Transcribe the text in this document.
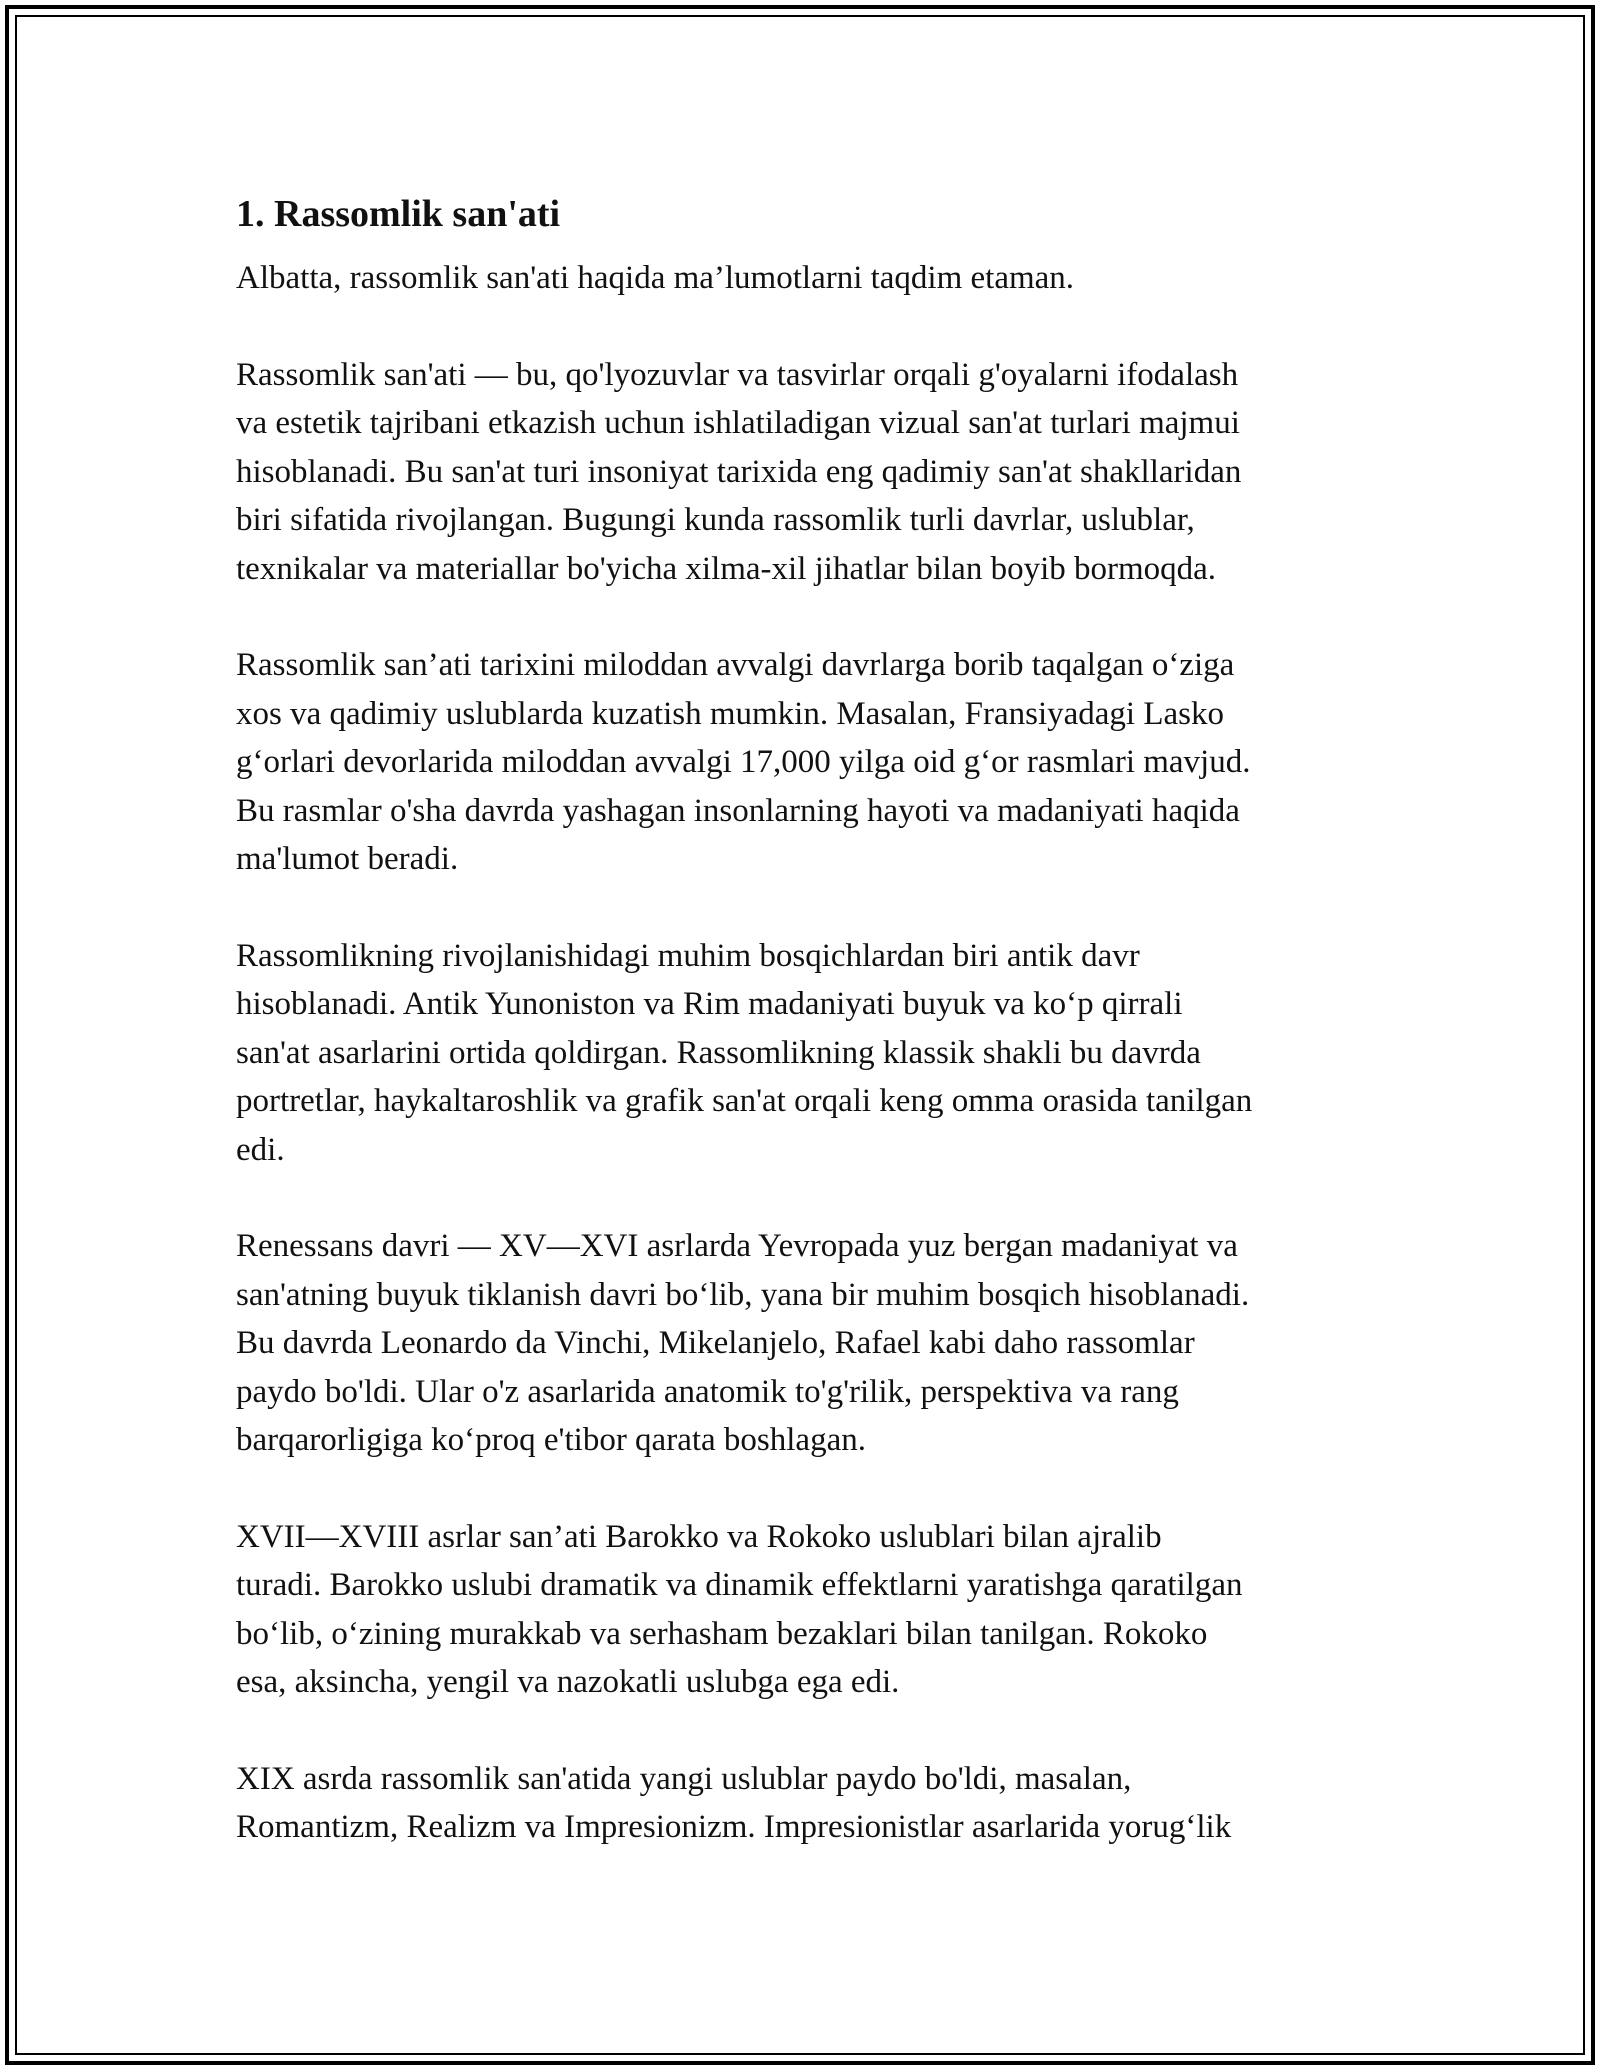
1. Rassomlik san'ati

Albatta, rassomlik san'ati haqida ma’lumotlarni taqdim etaman.

Rassomlik san'ati — bu, qo'lyozuvlar va tasvirlar orqali g'oyalarni ifodalash
va estetik tajribani etkazish uchun ishlatiladigan vizual san'at turlari majmui
hisoblanadi. Bu san'at turi insoniyat tarixida eng qadimiy san'at shakllaridan
biri sifatida rivojlangan. Bugungi kunda rassomlik turli davrlar, uslublar,
texnikalar va materiallar bo'yicha xilma-xil jihatlar bilan boyib bormoqda.

Rassomlik san’ati tarixini miloddan avvalgi davrlarga borib taqalgan o‘ziga
xos va qadimiy uslublarda kuzatish mumkin. Masalan, Fransiyadagi Lasko
g‘orlari devorlarida miloddan avvalgi 17,000 yilga oid g‘or rasmlari mavjud.
Bu rasmlar o'sha davrda yashagan insonlarning hayoti va madaniyati haqida
ma'lumot beradi.

Rassomlikning rivojlanishidagi muhim bosqichlardan biri antik davr
hisoblanadi. Antik Yunoniston va Rim madaniyati buyuk va ko‘p qirrali
san'at asarlarini ortida qoldirgan. Rassomlikning klassik shakli bu davrda
portretlar, haykaltaroshlik va grafik san'at orqali keng omma orasida tanilgan
edi.

Renessans davri — XV—XVI asrlarda Yevropada yuz bergan madaniyat va
san'atning buyuk tiklanish davri bo‘lib, yana bir muhim bosqich hisoblanadi.
Bu davrda Leonardo da Vinchi, Mikelanjelo, Rafael kabi daho rassomlar
paydo bo'ldi. Ular o'z asarlarida anatomik to'g'rilik, perspektiva va rang
barqarorligiga ko‘proq e'tibor qarata boshlagan.

XVII—XVIII asrlar san’ati Barokko va Rokoko uslublari bilan ajralib
turadi. Barokko uslubi dramatik va dinamik effektlarni yaratishga qaratilgan
bo‘lib, o‘zining murakkab va serhasham bezaklari bilan tanilgan. Rokoko
esa, aksincha, yengil va nazokatli uslubga ega edi.

XIX asrda rassomlik san'atida yangi uslublar paydo bo'ldi, masalan,
Romantizm, Realizm va Impresionizm. Impresionistlar asarlarida yorug‘lik
